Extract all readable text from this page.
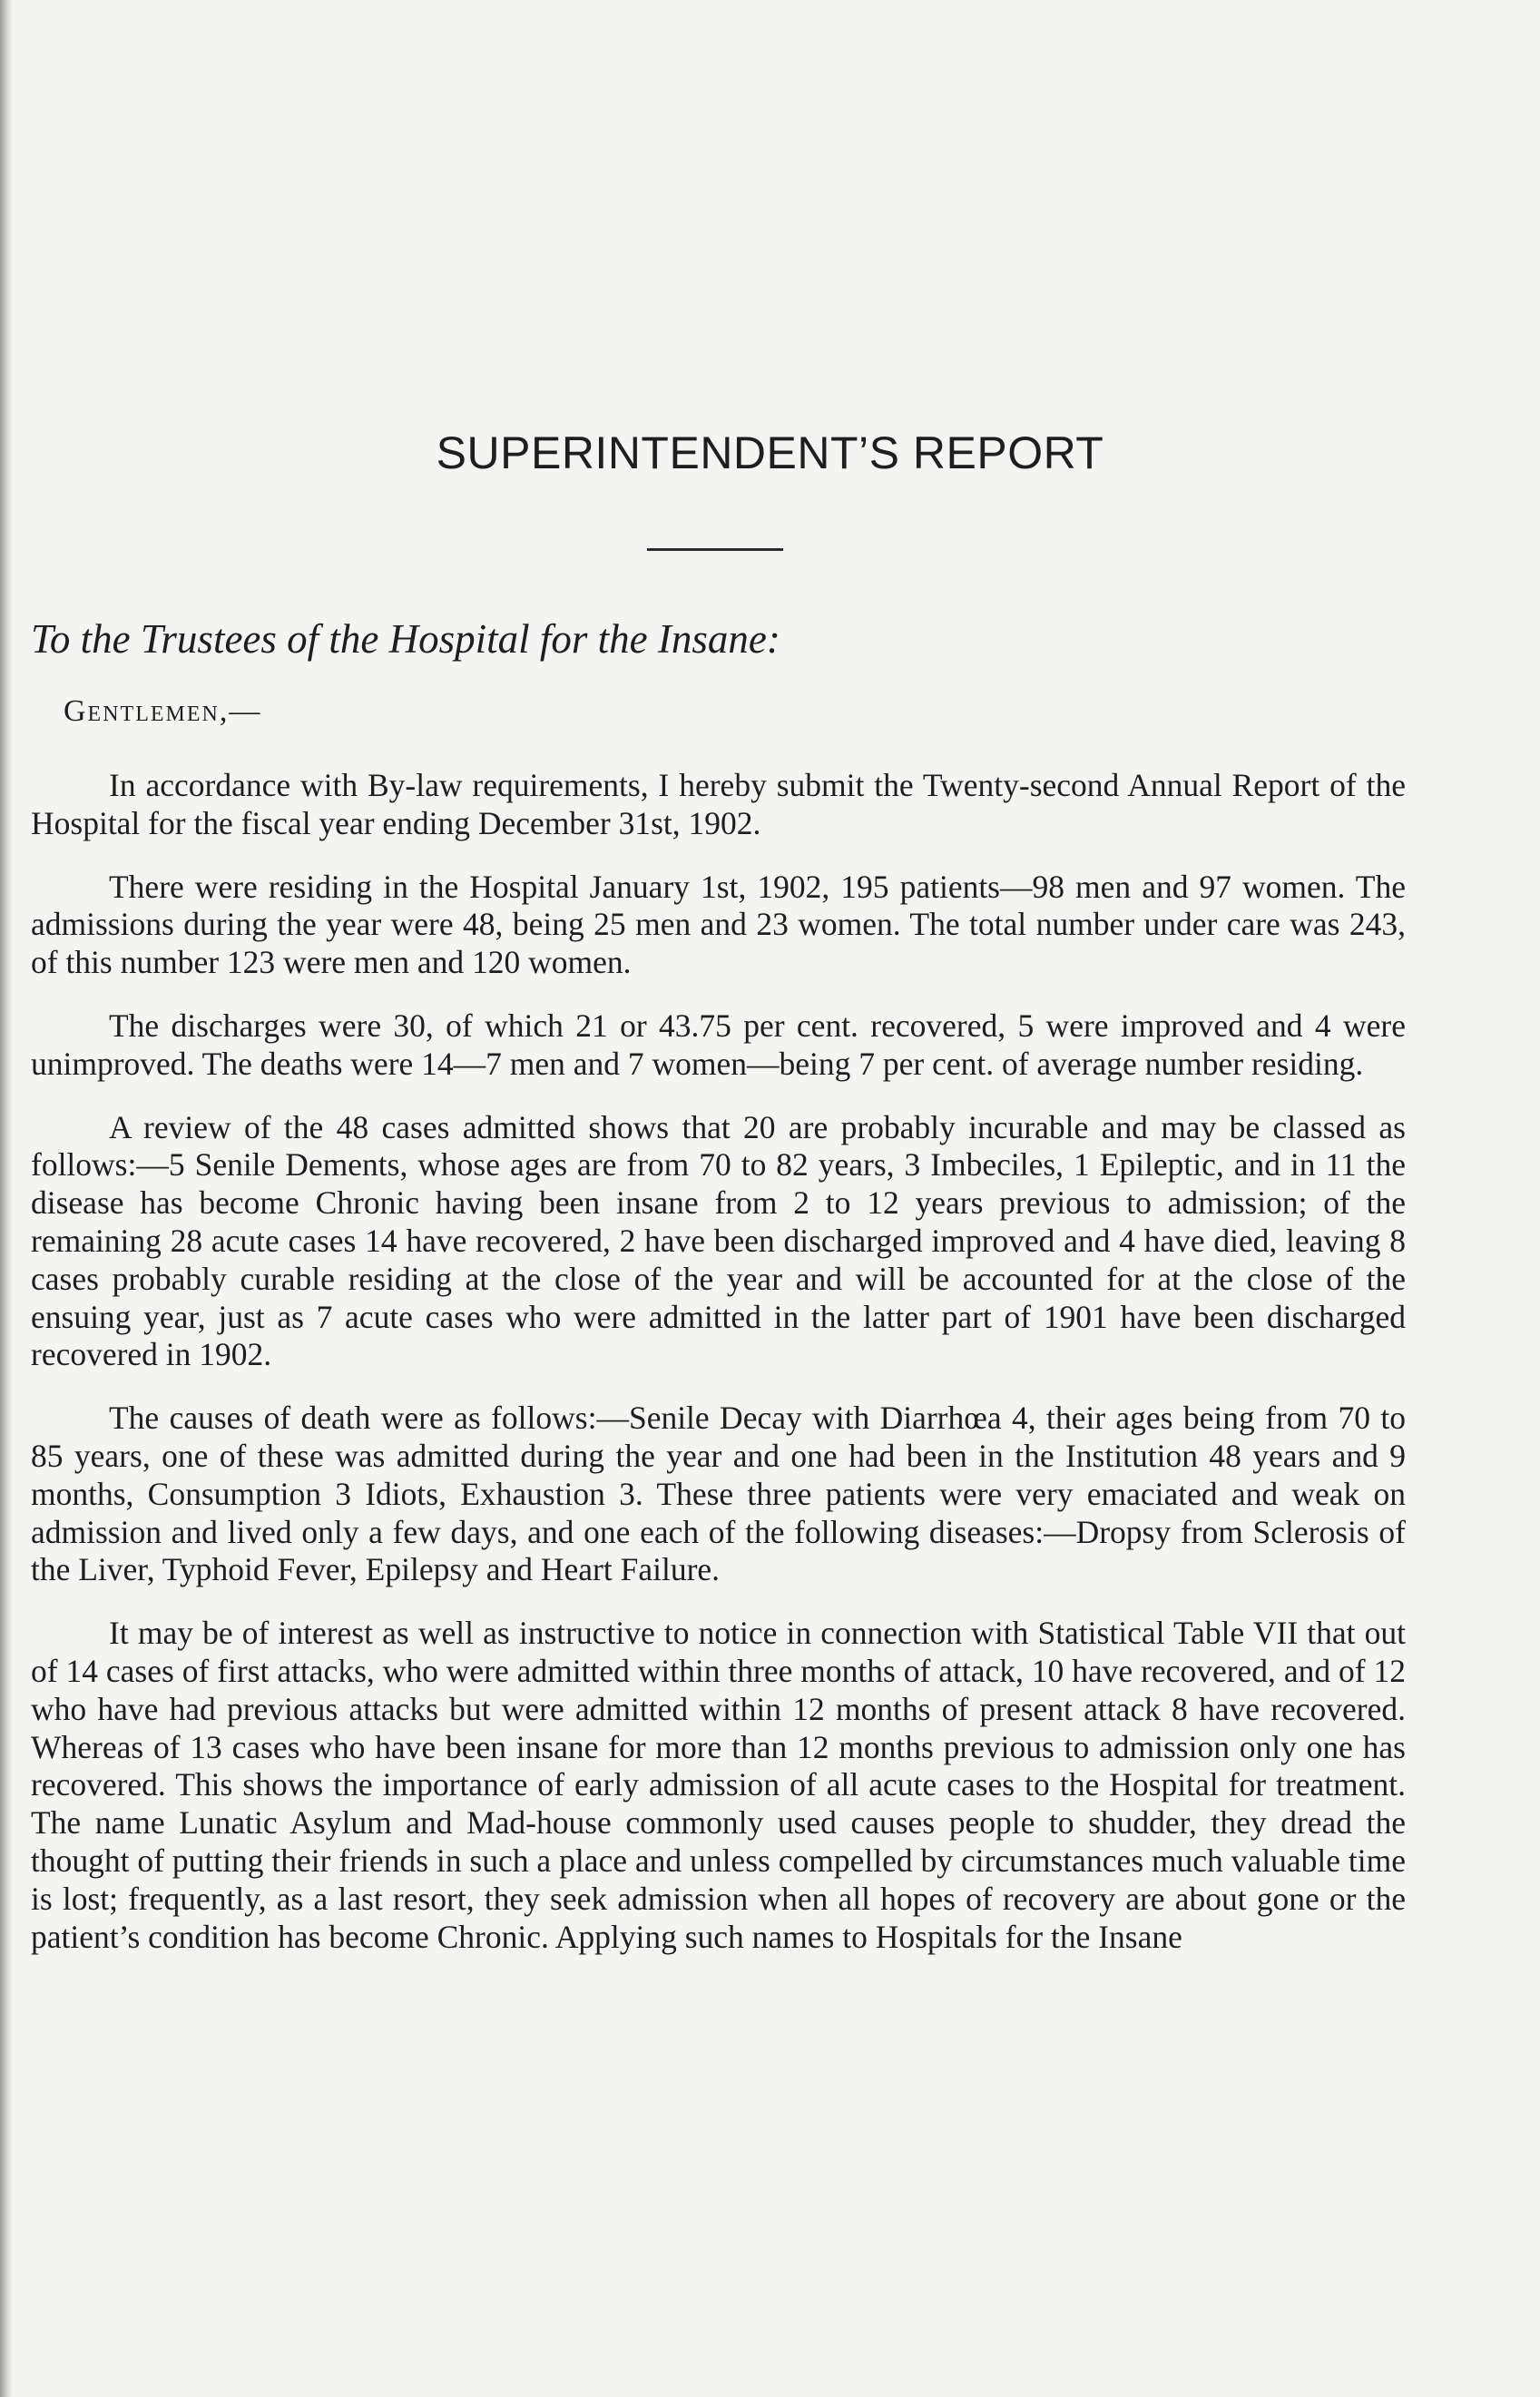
SUPERINTENDENT’S REPORT
To the Trustees of the Hospital for the Insane:
Gentlemen,—

In accordance with By-law requirements, I hereby submit the Twenty-second Annual Report of the Hospital for the fiscal year ending December 31st, 1902.

There were residing in the Hospital January 1st, 1902, 195 patients—98 men and 97 women. The admissions during the year were 48, being 25 men and 23 women. The total number under care was 243, of this number 123 were men and 120 women.

The discharges were 30, of which 21 or 43.75 per cent. recovered, 5 were improved and 4 were unimproved. The deaths were 14—7 men and 7 women—being 7 per cent. of average number residing.

A review of the 48 cases admitted shows that 20 are probably incurable and may be classed as follows:—5 Senile Dements, whose ages are from 70 to 82 years, 3 Imbeciles, 1 Epileptic, and in 11 the disease has become Chronic having been insane from 2 to 12 years previous to admission; of the remaining 28 acute cases 14 have recovered, 2 have been discharged improved and 4 have died, leaving 8 cases probably curable residing at the close of the year and will be accounted for at the close of the ensuing year, just as 7 acute cases who were admitted in the latter part of 1901 have been discharged recovered in 1902.

The causes of death were as follows:—Senile Decay with Diarrhœa 4, their ages being from 70 to 85 years, one of these was admitted during the year and one had been in the Institution 48 years and 9 months, Consumption 3 Idiots, Exhaustion 3. These three patients were very emaciated and weak on admission and lived only a few days, and one each of the following diseases:—Dropsy from Sclerosis of the Liver, Typhoid Fever, Epilepsy and Heart Failure.

It may be of interest as well as instructive to notice in connection with Statistical Table VII that out of 14 cases of first attacks, who were admitted within three months of attack, 10 have recovered, and of 12 who have had previous attacks but were admitted within 12 months of present attack 8 have recovered. Whereas of 13 cases who have been insane for more than 12 months previous to admission only one has recovered. This shows the importance of early admission of all acute cases to the Hospital for treatment. The name Lunatic Asylum and Mad-house commonly used causes people to shudder, they dread the thought of putting their friends in such a place and unless compelled by circumstances much valuable time is lost; frequently, as a last resort, they seek admission when all hopes of recovery are about gone or the patient’s condition has become Chronic. Applying such names to Hospitals for the Insane
